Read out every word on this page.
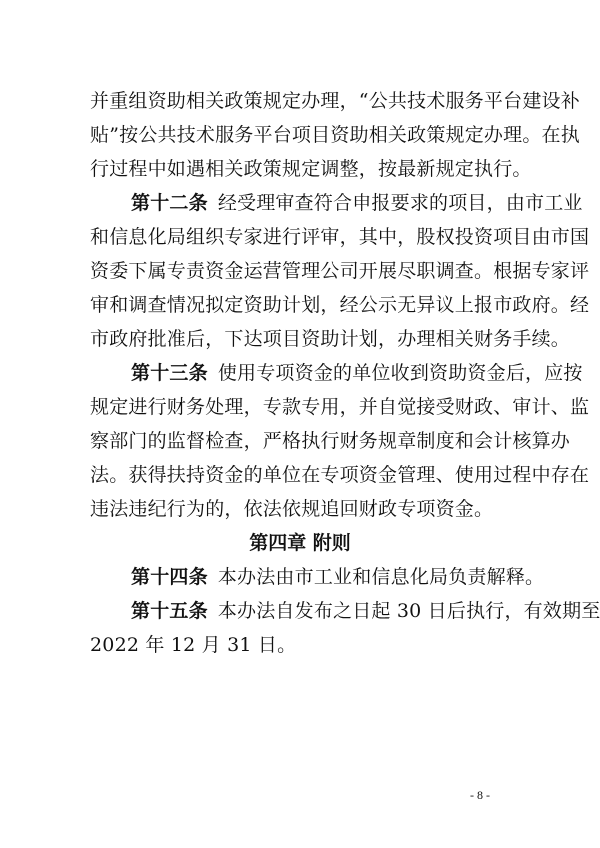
并重组资助相关政策规定办理，“公共技术服务平台建设补
贴”按公共技术服务平台项目资助相关政策规定办理。在执
行过程中如遇相关政策规定调整，按最新规定执行。
第十二条 经受理审查符合申报要求的项目，由市工业
和信息化局组织专家进行评审，其中，股权投资项目由市国
资委下属专责资金运营管理公司开展尽职调查。根据专家评
审和调查情况拟定资助计划，经公示无异议上报市政府。经
市政府批准后，下达项目资助计划，办理相关财务手续。
第十三条 使用专项资金的单位收到资助资金后，应按
规定进行财务处理，专款专用，并自觉接受财政、审计、监
察部门的监督检查，严格执行财务规章制度和会计核算办
法。获得扶持资金的单位在专项资金管理、使用过程中存在
违法违纪行为的，依法依规追回财政专项资金。
第四章 附则
第十四条 本办法由市工业和信息化局负责解释。
第十五条 本办法自发布之日起 30 日后执行，有效期至
2022 年 12 月 31 日。
- 8 -
